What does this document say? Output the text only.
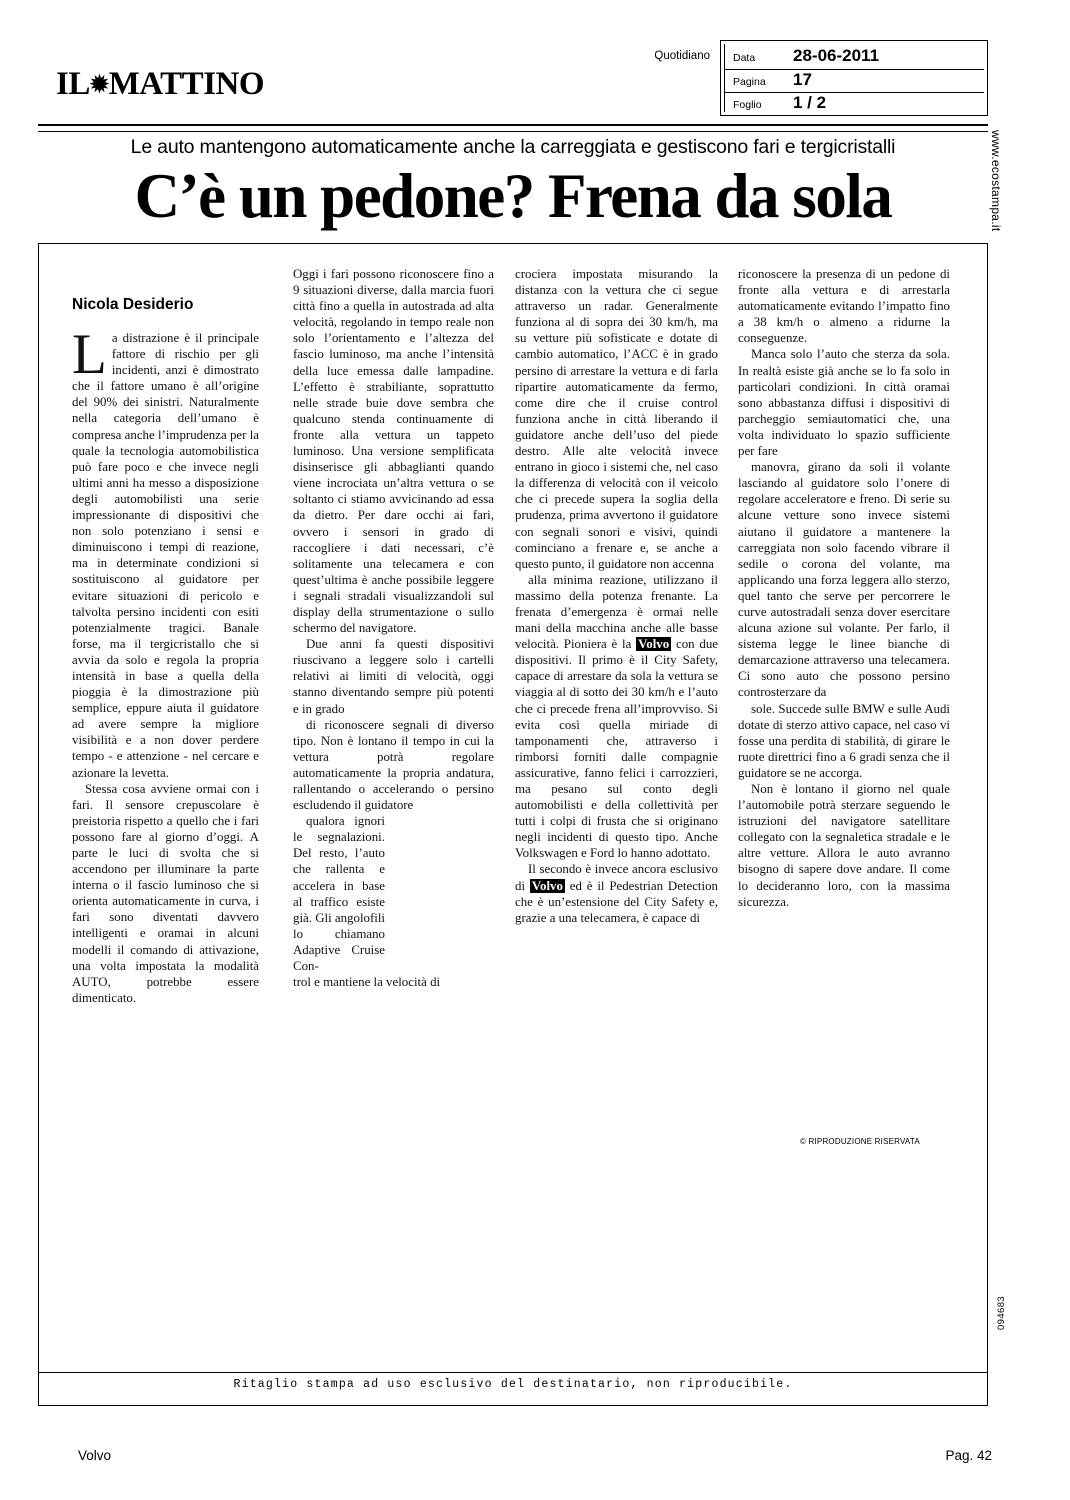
IL✹MATTINO
Quotidiano Data 28-06-2011
Pagina 17
Foglio 1 / 2
Le auto mantengono automaticamente anche la carreggiata e gestiscono fari e tergicristalli
C’è un pedone? Frena da sola	www.ecostampa.it
094683
Nicola Desiderio

La distrazione è il principale fattore di rischio per gli incidenti, anzi è dimostrato che il fattore umano è all’origine del 90% dei sinistri. Naturalmente nella categoria dell’umano è compresa anche l’imprudenza per la quale la tecnologia automobilistica può fare poco e che invece negli ultimi anni ha messo a disposizione degli automobilisti una serie impressionante di dispositivi che non solo potenziano i sensi e diminuiscono i tempi di reazione, ma in determinate condizioni si sostituiscono al guidatore per evitare situazioni di pericolo e talvolta persino incidenti con esiti potenzialmente tragici. Banale forse, ma il tergicristallo che si avvia da solo e regola la propria intensità in base a quella della pioggia è la dimostrazione più semplice, eppure aiuta il guidatore ad avere sempre la migliore visibilità e a non dover perdere tempo - e attenzione - nel cercare e azionare la levetta.

Stessa cosa avviene ormai con i fari. Il sensore crepuscolare è preistoria rispetto a quello che i fari possono fare al giorno d’oggi. A parte le luci di svolta che si accendono per illuminare la parte interna o il fascio luminoso che si orienta automaticamente in curva, i fari sono diventati davvero intelligenti e oramai in alcuni modelli il comando di attivazione, una volta impostata la modalità AUTO, potrebbe essere dimenticato.

Oggi i fari possono riconoscere fino a 9 situazioni diverse, dalla marcia fuori città fino a quella in autostrada ad alta velocità, regolando in tempo reale non solo l’orientamento e l’altezza del fascio luminoso, ma anche l’intensità della luce emessa dalle lampadine. L’effetto è strabiliante, soprattutto nelle strade buie dove sembra che qualcuno stenda continuamente di fronte alla vettura un tappeto luminoso. Una versione semplificata disinserisce gli abbaglianti quando viene incrociata un’altra vettura o se soltanto ci stiamo avvicinando ad essa da dietro. Per dare occhi ai fari, ovvero i sensori in grado di raccogliere i dati necessari, c’è solitamente una telecamera e con quest’ultima è anche possibile leggere i segnali stradali visualizzandoli sul display della strumentazione o sullo schermo del navigatore.

Due anni fa questi dispositivi riuscivano a leggere solo i cartelli relativi ai limiti di velocità, oggi stanno diventando sempre più potenti e in grado

di riconoscere segnali di diverso tipo. Non è lontano il tempo in cui la vettura potrà regolare automaticamente la propria andatura, rallentando o accelerando o persino escludendo il guidatore

qualora ignori le segnalazioni. Del resto, l’auto che rallenta e accelera in base al traffico esiste già. Gli angolofili lo chiamano Adaptive Cruise Con-

trol e mantiene la velocità di

crociera impostata misurando la distanza con la vettura che ci segue attraverso un radar. Generalmente funziona al di sopra dei 30 km/h, ma su vetture più sofisticate e dotate di cambio automatico, l’ACC è in grado persino di arrestare la vettura e di farla ripartire automaticamente da fermo, come dire che il cruise control funziona anche in città liberando il guidatore anche dell’uso del piede destro. Alle alte velocità invece entrano in gioco i sistemi che, nel caso la differenza di velocità con il veicolo che ci precede supera la soglia della prudenza, prima avvertono il guidatore con segnali sonori e visivi, quindi cominciano a frenare e, se anche a questo punto, il guidatore non accenna

alla minima reazione, utilizzano il massimo della potenza frenante. La frenata d’emergenza è ormai nelle mani della macchina anche alle basse velocità. Pioniera è la Volvo con due dispositivi. Il primo è il City Safety, capace di arrestare da sola la vettura se viaggia al di sotto dei 30 km/h e l’auto che ci precede frena all’improvviso. Si evita così quella miriade di tamponamenti che, attraverso i rimborsi forniti dalle compagnie assicurative, fanno felici i carrozzieri, ma pesano sul conto degli automobilisti e della collettività per tutti i colpi di frusta che si originano negli incidenti di questo tipo. Anche Volkswagen e Ford lo hanno adottato.

Il secondo è invece ancora esclusivo di Volvo ed è il Pedestrian Detection che è un’estensione del City Safety e, grazie a una telecamera, è capace di

riconoscere la presenza di un pedone di fronte alla vettura e di arrestarla automaticamente evitando l’impatto fino a 38 km/h o almeno a ridurne la conseguenze.

Manca solo l’auto che sterza da sola. In realtà esiste già anche se lo fa solo in particolari condizioni. In città oramai sono abbastanza diffusi i dispositivi di parcheggio semiautomatici che, una volta individuato lo spazio sufficiente per fare

manovra, girano da soli il volante lasciando al guidatore solo l’onere di regolare acceleratore e freno. Di serie su alcune vetture sono invece sistemi aiutano il guidatore a mantenere la carreggiata non solo facendo vibrare il sedile o corona del volante, ma applicando una forza leggera allo sterzo, quel tanto che serve per percorrere le curve autostradali senza dover esercitare alcuna azione sul volante. Per farlo, il sistema legge le linee bianche di demarcazione attraverso una telecamera. Ci sono auto che possono persino controsterzare da

sole. Succede sulle BMW e sulle Audi dotate di sterzo attivo capace, nel caso vi fosse una perdita di stabilità, di girare le ruote direttrici fino a 6 gradi senza che il guidatore se ne accorga.

Non è lontano il giorno nel quale l’automobile potrà sterzare seguendo le istruzioni del navigatore satellitare collegato con la segnaletica stradale e le altre vetture. Allora le auto avranno bisogno di sapere dove andare. Il come lo decideranno loro, con la massima sicurezza.

© RIPRODUZIONE RISERVATA
Ritaglio stampa ad uso esclusivo del destinatario, non riproducibile.
Volvo	Pag. 42
